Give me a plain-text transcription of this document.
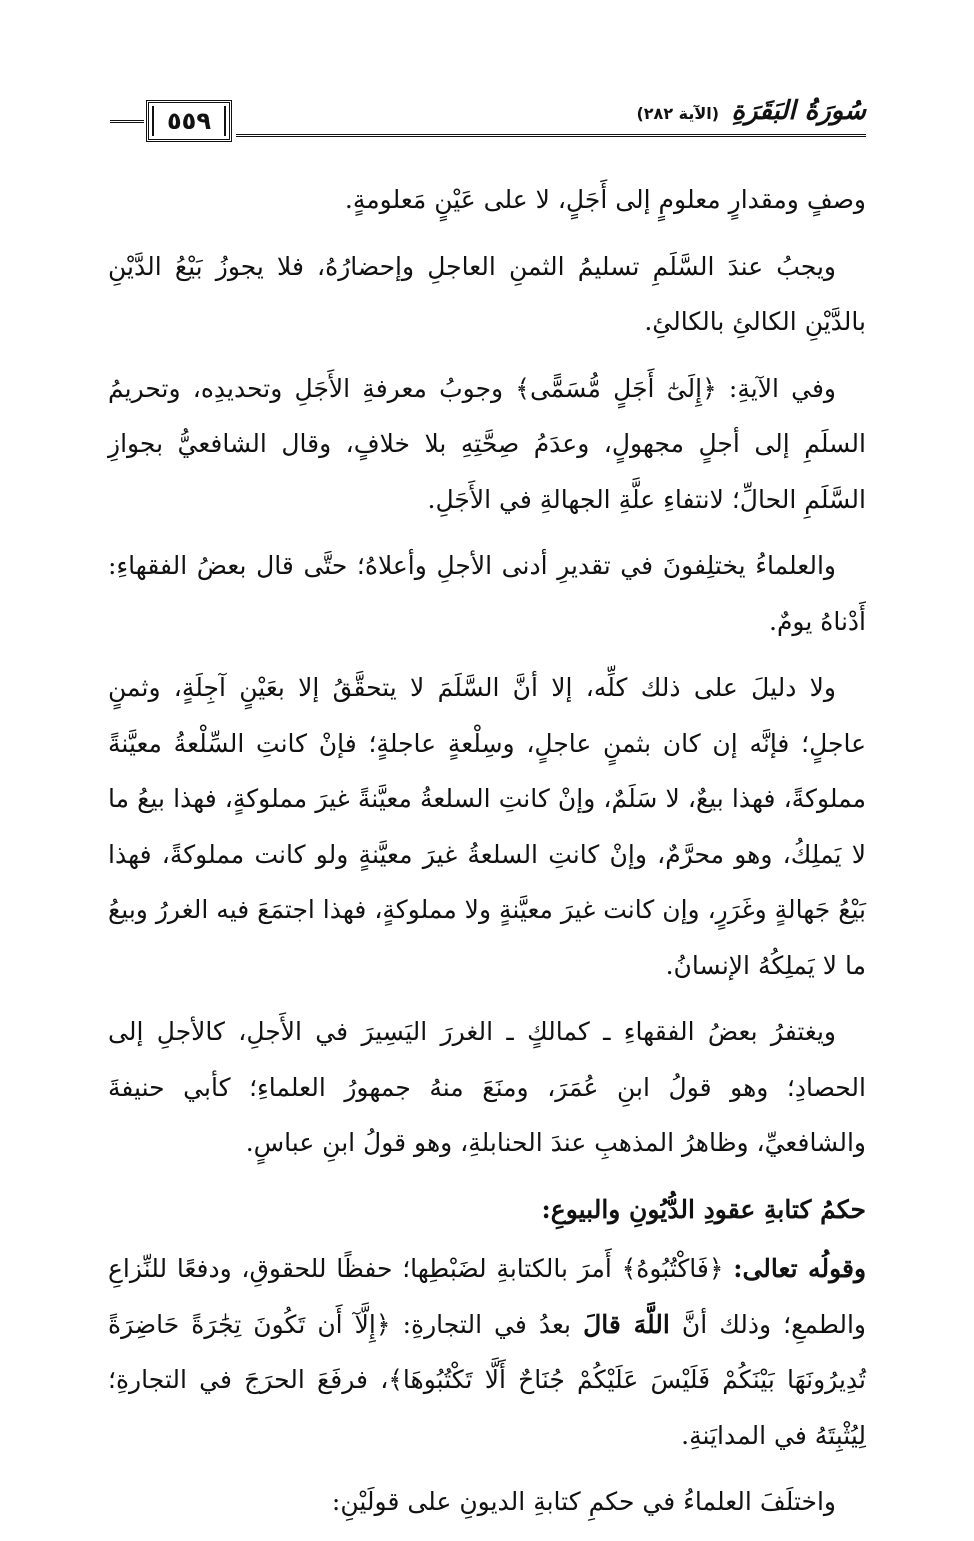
٥٥٩	سُورَةُ البَقَرَةِ (الآية ٢٨٢)

وصفٍ ومقدارٍ معلومٍ إلى أَجَلٍ، لا على عَيْنٍ مَعلومةٍ.

ويجبُ عندَ السَّلَمِ تسليمُ الثمنِ العاجلِ وإحضارُهُ، فلا يجوزُ بَيْعُ الدَّيْنِ بالدَّيْنِ الكالئِ بالكالئِ.

وفي الآيةِ: ﴿إِلَىٰٓ أَجَلٍ مُّسَمًّى﴾ وجوبُ معرفةِ الأَجَلِ وتحديدِه، وتحريمُ السلَمِ إلى أجلٍ مجهولٍ، وعدَمُ صِحَّتِهِ بلا خلافٍ، وقال الشافعيُّ بجوازِ السَّلَمِ الحالِّ؛ لانتفاءِ علَّةِ الجهالةِ في الأَجَلِ.

والعلماءُ يختلِفونَ في تقديرِ أدنى الأجلِ وأعلاهُ؛ حتَّى قال بعضُ الفقهاءِ: أَدْناهُ يومٌ.

ولا دليلَ على ذلك كلِّه، إلا أنَّ السَّلَمَ لا يتحقَّقُ إلا بعَيْنٍ آجِلَةٍ، وثمنٍ عاجلٍ؛ فإنَّه إن كان بثمنٍ عاجلٍ، وسِلْعةٍ عاجلةٍ؛ فإنْ كانتِ السِّلْعةُ معيَّنةً مملوكةً، فهذا بيعٌ، لا سَلَمٌ، وإنْ كانتِ السلعةُ معيَّنةً غيرَ مملوكةٍ، فهذا بيعُ ما لا يَملِكُ، وهو محرَّمٌ، وإنْ كانتِ السلعةُ غيرَ معيَّنةٍ ولو كانت مملوكةً، فهذا بَيْعُ جَهالةٍ وغَرَرٍ، وإن كانت غيرَ معيَّنةٍ ولا مملوكةٍ، فهذا اجتمَعَ فيه الغررُ وبيعُ ما لا يَملِكُهُ الإنسانُ.

ويغتفرُ بعضُ الفقهاءِ ـ كمالكٍ ـ الغررَ اليَسِيرَ في الأَجلِ، كالأجلِ إلى الحصادِ؛ وهو قولُ ابنِ عُمَرَ، ومنَعَ منهُ جمهورُ العلماءِ؛ كأبي حنيفةَ والشافعيِّ، وظاهرُ المذهبِ عندَ الحنابلةِ، وهو قولُ ابنِ عباسٍ.

حكمُ كتابةِ عقودِ الدُّيُونِ والبيوعِ:

وقولُه تعالى: ﴿فَاكْتُبُوهُ﴾ أَمرَ بالكتابةِ لضَبْطِها؛ حفظًا للحقوقِ، ودفعًا للنِّزاعِ والطمعِ؛ وذلك أنَّ اللَّهَ قالَ بعدُ في التجارةِ: ﴿إِلَّآ أَن تَكُونَ تِجَٰرَةً حَاضِرَةً تُدِيرُونَهَا بَيْنَكُمْ فَلَيْسَ عَلَيْكُمْ جُنَاحٌ أَلَّا تَكْتُبُوهَا﴾، فرفَعَ الحرَجَ في التجارةِ؛ لِيُثْبِتَهُ في المدايَنةِ.

واختلَفَ العلماءُ في حكمِ كتابةِ الديونِ على قولَيْنِ:
